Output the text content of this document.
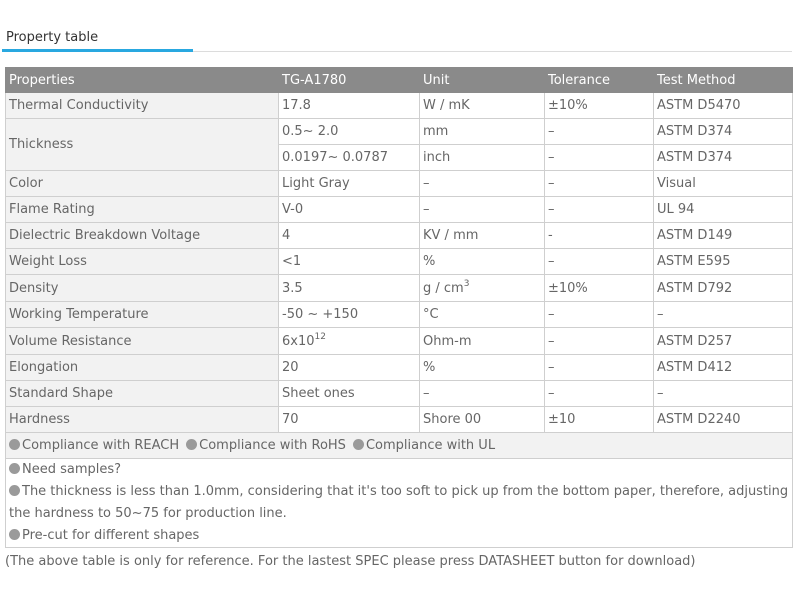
Property table
Properties	TG-A1780	Unit	Tolerance	Test Method
Thermal Conductivity	17.8	W / mK	±10%	ASTM D5470
Thickness	0.5~ 2.0	mm	–	ASTM D374
	0.0197~ 0.0787	inch	–	ASTM D374
Color	Light Gray	–	–	Visual
Flame Rating	V-0	–	–	UL 94
Dielectric Breakdown Voltage	4	KV / mm	-	ASTM D149
Weight Loss	<1	%	–	ASTM E595
Density	3.5	g / $cm^3$	±10%	ASTM D792
Working Temperature	-50 ~ +150	°C	–	–
Volume Resistance	$6x10^{12}$	Ohm-m	–	ASTM D257
Elongation	20	%	–	ASTM D412
Standard Shape	Sheet ones	–	–	–
Hardness	70	Shore 00	±10	ASTM D2240
Compliance with REACH Compliance with RoHS Compliance with UL				

Need samples?
The thickness is less than 1.0mm, considering that it's too soft to pick up from the bottom paper, therefore, adjusting the hardness to 50~75 for production line.
Pre-cut for different shapes				
(The above table is only for reference. For the lastest SPEC please press DATASHEET button for download)
